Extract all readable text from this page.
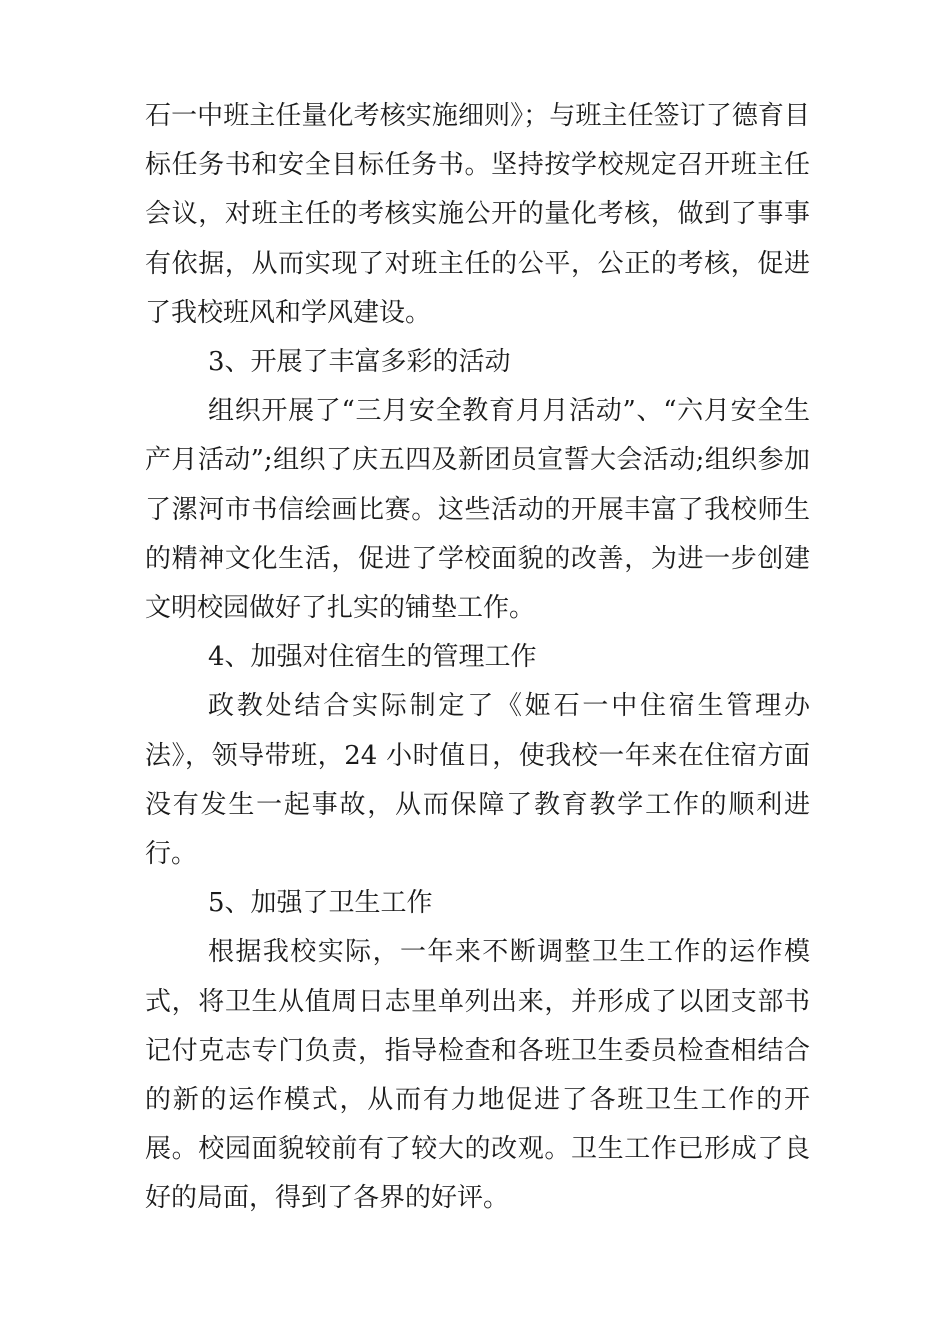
石一中班主任量化考核实施细则》；与班主任签订了德育目标任务书和安全目标任务书。坚持按学校规定召开班主任会议，对班主任的考核实施公开的量化考核，做到了事事有依据，从而实现了对班主任的公平，公正的考核，促进了我校班风和学风建设。

3、开展了丰富多彩的活动

组织开展了“三月安全教育月月活动”、“六月安全生产月活动”;组织了庆五四及新团员宣誓大会活动;组织参加了漯河市书信绘画比赛。这些活动的开展丰富了我校师生的精神文化生活，促进了学校面貌的改善，为进一步创建文明校园做好了扎实的铺垫工作。

4、加强对住宿生的管理工作

政教处结合实际制定了《姬石一中住宿生管理办法》，领导带班，24 小时值日，使我校一年来在住宿方面没有发生一起事故，从而保障了教育教学工作的顺利进行。

5、加强了卫生工作

根据我校实际，一年来不断调整卫生工作的运作模式，将卫生从值周日志里单列出来，并形成了以团支部书记付克志专门负责，指导检查和各班卫生委员检查相结合的新的运作模式，从而有力地促进了各班卫生工作的开展。校园面貌较前有了较大的改观。卫生工作已形成了良好的局面，得到了各界的好评。
